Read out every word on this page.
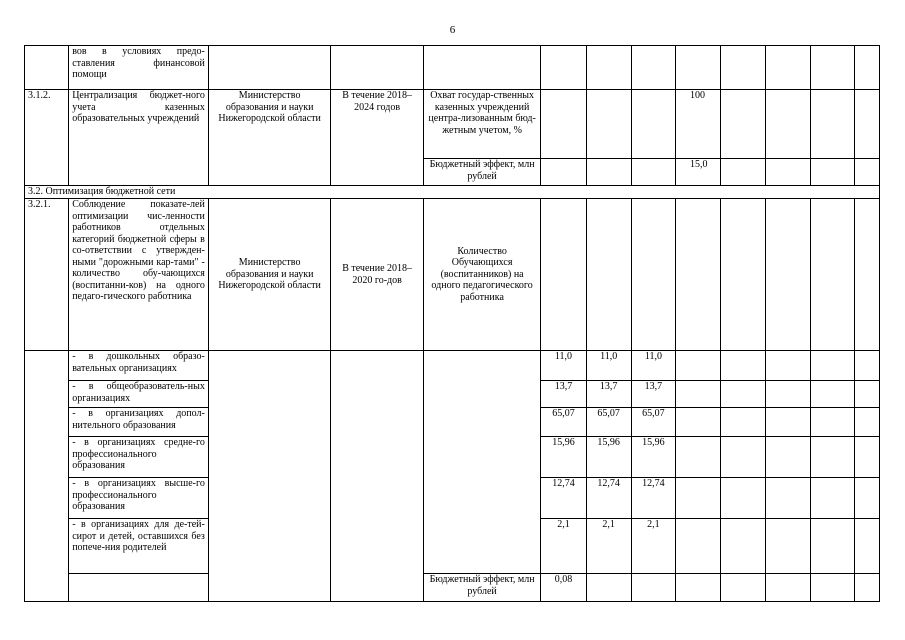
6
	вов в условиях предо-ставления финансовой помощи											
3.1.2.	Централизация бюджет-ного учета казенных образовательных учреждений	Министерство образования и науки Нижегородской области	В течение 2018–2024 годов	Охват государ-ственных казенных учреждений центра-лизованным бюд-жетным учетом, %				100				
				Бюджетный эффект, млн рублей				15,0				
3.2. Оптимизация бюджетной сети												
3.2.1.	Соблюдение показате-лей оптимизации чис-ленности работников отдельных категорий бюджетной сферы в со-ответствии с утвержден-ными "дорожными кар-тами" - количество обу-чающихся (воспитанни-ков) на одного педаго-гического работника	Министерство образования и науки Нижегородской области	В течение 2018–2020 го-дов	Количество Обучающихся (воспитанников) на одного педагогического работника								
	- в дошкольных образо-вательных организациях				11,0	11,0	11,0					
	- в общеобразователь-ных организациях				13,7	13,7	13,7					
	- в организациях допол-нительного образования				65,07	65,07	65,07					
	- в организациях средне-го профессионального образования				15,96	15,96	15,96					
	- в организациях высше-го профессионального образования				12,74	12,74	12,74					
	- в организациях для де-тей-сирот и детей, оставшихся без попече-ния родителей				2,1	2,1	2,1					
				Бюджетный эффект, млн рублей	0,08							
